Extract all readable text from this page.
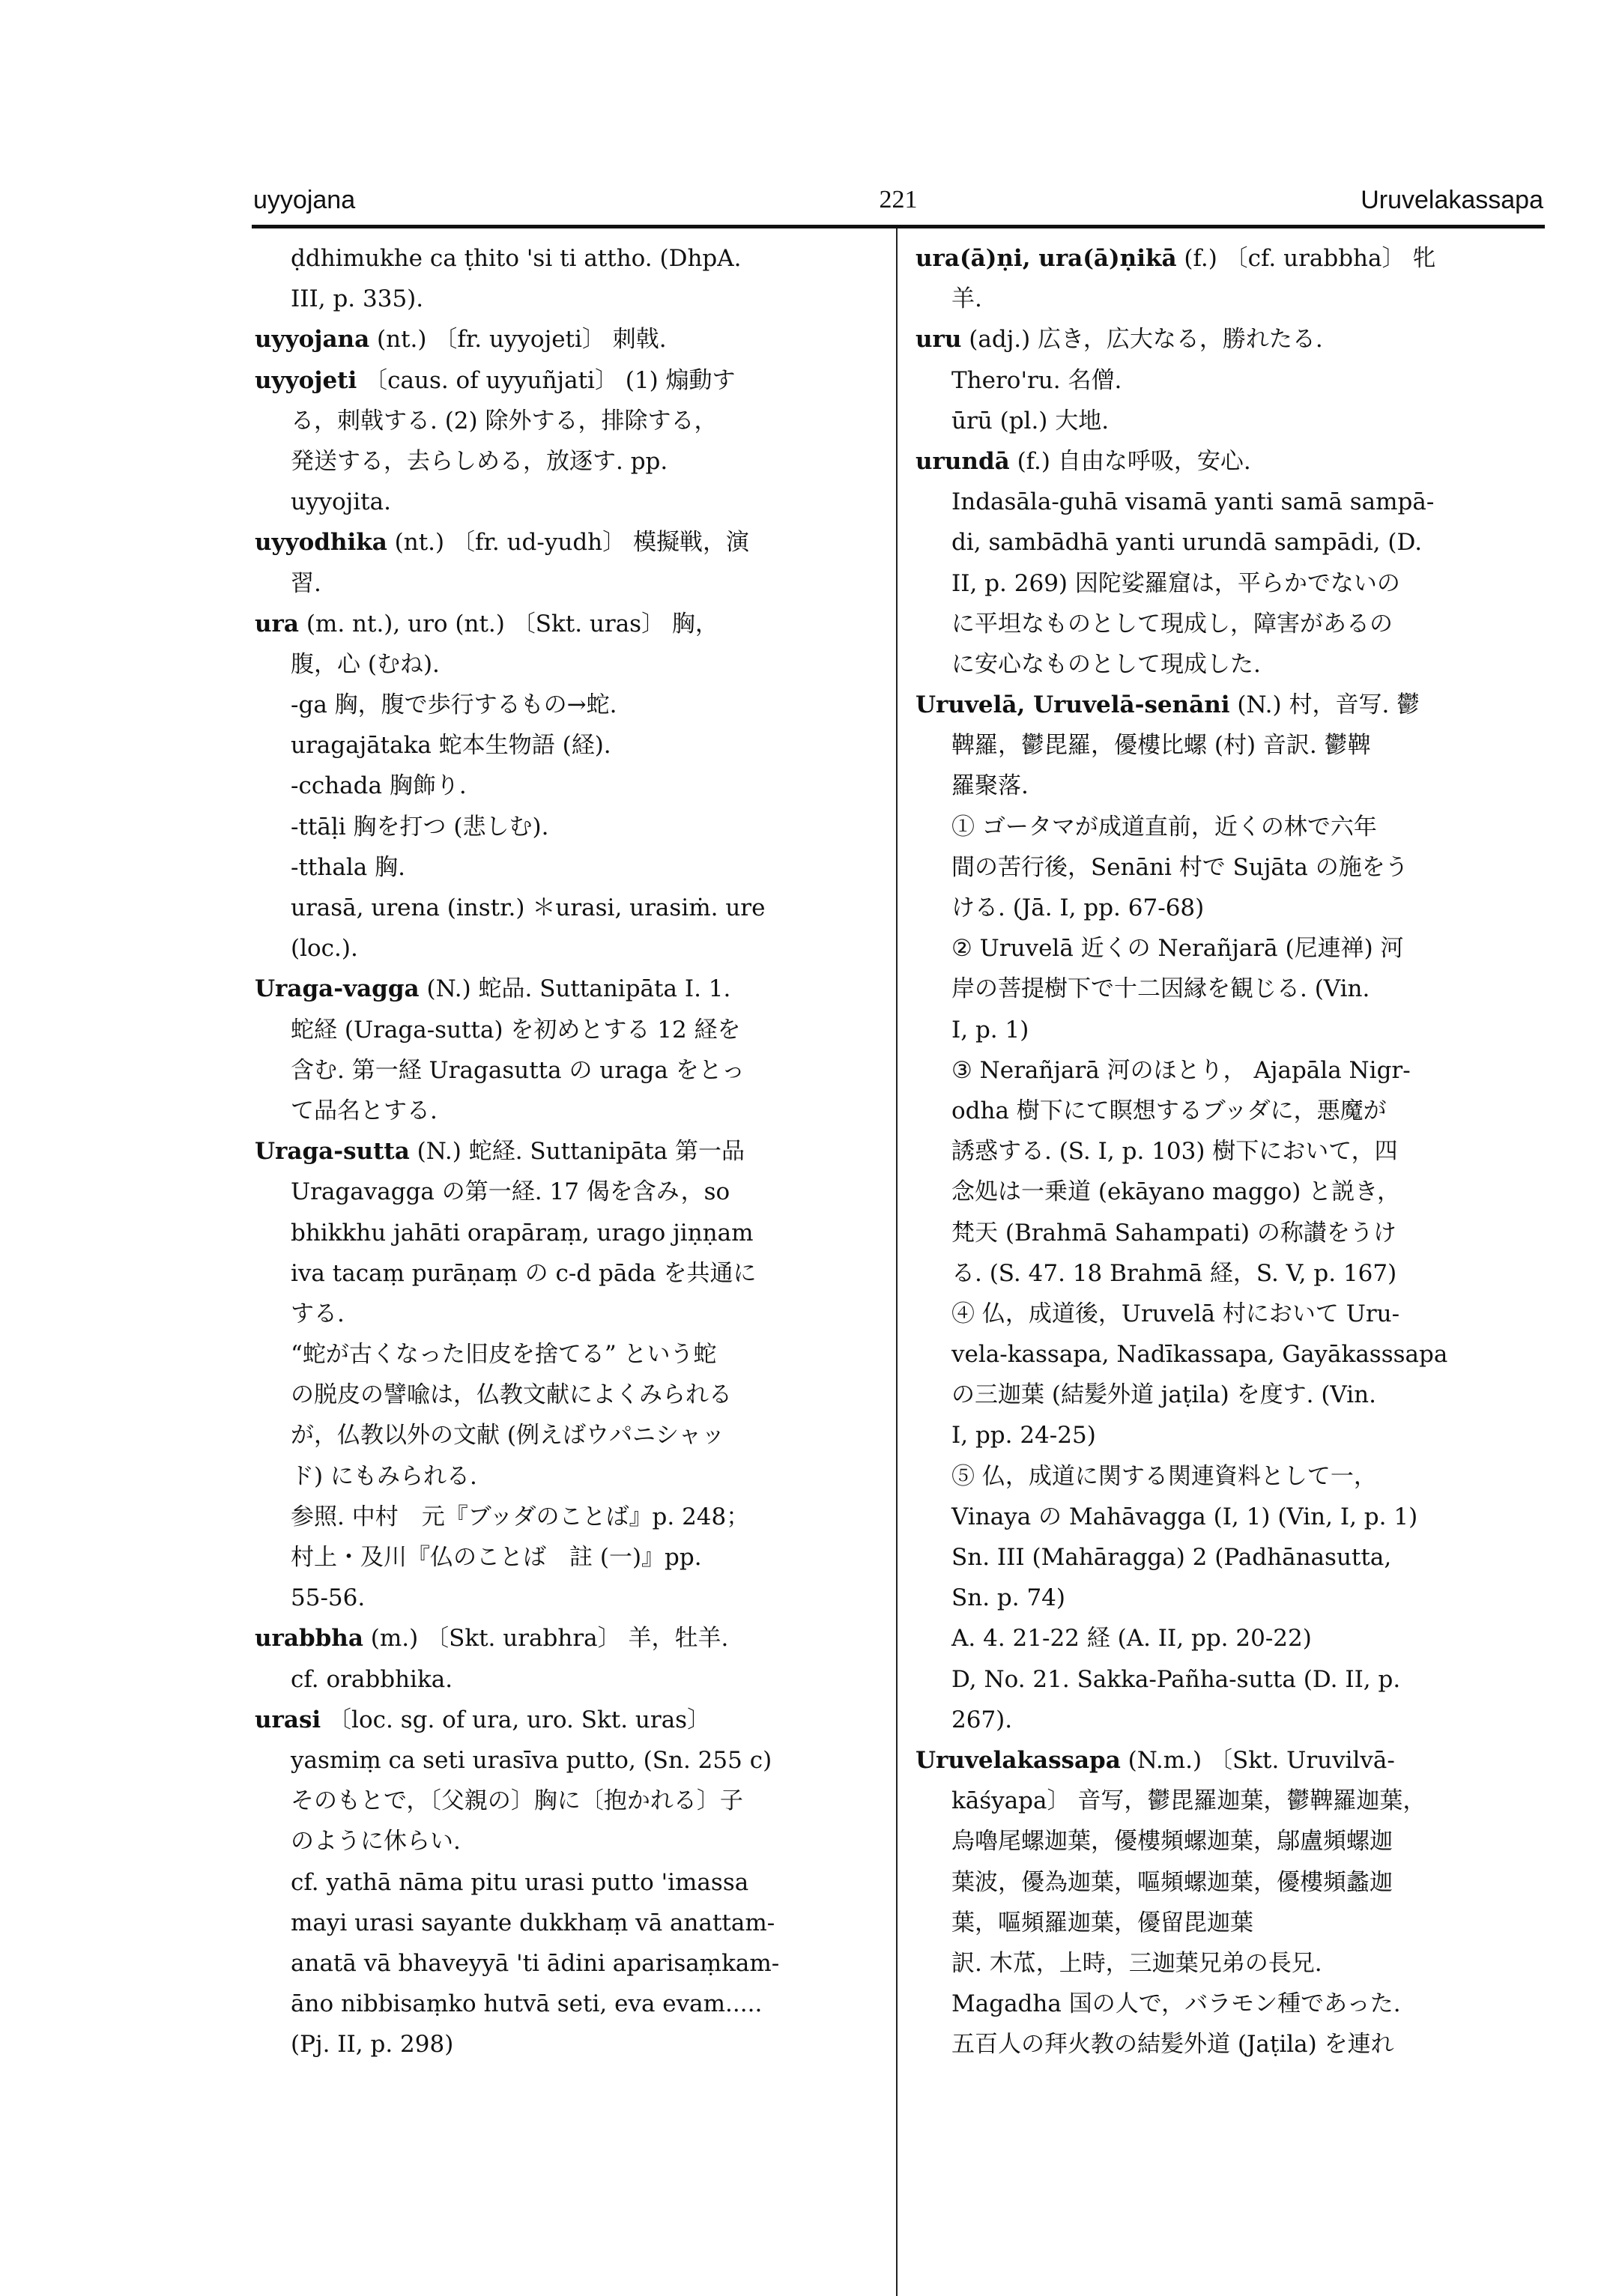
uyyojana	221	Uruvelakassapa
ḍdhimukhe ca ṭhito 'si ti attho. (DhpA.
III, p. 335).
uyyojana (nt.) 〔fr. uyyojeti〕 刺戟.
uyyojeti 〔caus. of uyyuñjati〕 (1) 煽動す
る，刺戟する. (2) 除外する，排除する，
発送する，去らしめる，放逐す. pp.
uyyojita.
uyyodhika (nt.) 〔fr. ud-yudh〕 模擬戦，演
習.
ura (m. nt.), uro (nt.) 〔Skt. uras〕 胸，
腹，心 (むね).
-ga 胸，腹で歩行するもの→蛇.
uragajātaka 蛇本生物語 (経).
-cchada 胸飾り.
-ttāḷi 胸を打つ (悲しむ).
-tthala 胸.
urasā, urena (instr.) ＊urasi, urasiṁ. ure
(loc.).
Uraga-vagga (N.) 蛇品. Suttanipāta I. 1.
蛇経 (Uraga-sutta) を初めとする 12 経を
含む. 第一経 Uragasutta の uraga をとっ
て品名とする.
Uraga-sutta (N.) 蛇経. Suttanipāta 第一品
Uragavagga の第一経. 17 偈を含み，so
bhikkhu jahāti orapāraṃ, urago jiṇṇam
iva tacaṃ purāṇaṃ の c-d pāda を共通に
する.
“蛇が古くなった旧皮を捨てる” という蛇
の脱皮の譬喩は，仏教文献によくみられる
が，仏教以外の文献 (例えばウパニシャッ
ド) にもみられる.
参照. 中村　元『ブッダのことば』p. 248；
村上・及川『仏のことば　註 (一)』pp.
55-56.
urabbha (m.) 〔Skt. urabhra〕 羊，牡羊.
cf. orabbhika.
urasi 〔loc. sg. of ura, uro. Skt. uras〕
yasmiṃ ca seti urasīva putto, (Sn. 255 c)
そのもとで，〔父親の〕胸に〔抱かれる〕子
のように休らい.
cf. yathā nāma pitu urasi putto 'imassa
mayi urasi sayante dukkhaṃ vā anattam-
anatā vā bhaveyyā 'ti ādini aparisaṃkam-
āno nibbisaṃko hutvā seti, eva evam.....
(Pj. II, p. 298)
ura(ā)ṇi, ura(ā)ṇikā (f.) 〔cf. urabbha〕 牝
羊.
uru (adj.) 広き，広大なる，勝れたる.
Thero'ru. 名僧.
ūrū (pl.) 大地.
urundā (f.) 自由な呼吸，安心.
Indasāla-guhā visamā yanti samā sampā-
di, sambādhā yanti urundā sampādi, (D.
II, p. 269) 因陀娑羅窟は，平らかでないの
に平坦なものとして現成し，障害があるの
に安心なものとして現成した.
Uruvelā, Uruvelā-senāni (N.) 村，音写. 鬱
鞞羅，鬱毘羅，優樓比螺 (村) 音訳. 鬱鞞
羅聚落.
① ゴータマが成道直前，近くの林で六年
間の苦行後，Senāni 村で Sujāta の施をう
ける. (Jā. I, pp. 67-68)
② Uruvelā 近くの Nerañjarā (尼連禅) 河
岸の菩提樹下で十二因縁を観じる. (Vin.
I, p. 1)
③ Nerañjarā 河のほとり， Ajapāla Nigr-
odha 樹下にて瞑想するブッダに，悪魔が
誘惑する. (S. I, p. 103) 樹下において，四
念処は一乗道 (ekāyano maggo) と説き，
梵天 (Brahmā Sahampati) の称讃をうけ
る. (S. 47. 18 Brahmā 経，S. V, p. 167)
④ 仏，成道後，Uruvelā 村において Uru-
vela-kassapa, Nadīkassapa, Gayākasssapa
の三迦葉 (結髪外道 jaṭila) を度す. (Vin.
I, pp. 24-25)
⑤ 仏，成道に関する関連資料として一，
Vinaya の Mahāvagga (I, 1) (Vin, I, p. 1)
Sn. III (Mahāragga) 2 (Padhānasutta,
Sn. p. 74)
A. 4. 21-22 経 (A. II, pp. 20-22)
D, No. 21. Sakka-Pañha-sutta (D. II, p.
267).
Uruvelakassapa (N.m.) 〔Skt. Uruvilvā-
kāśyapa〕 音写，鬱毘羅迦葉，鬱鞞羅迦葉，
烏嚕尾螺迦葉，優樓頻螺迦葉，鄔盧頻螺迦
葉波，優為迦葉，嘔頻螺迦葉，優樓頻蠡迦
葉，嘔頻羅迦葉，優留毘迦葉
訳. 木苽，上時，三迦葉兄弟の長兄.
Magadha 国の人で，バラモン種であった.
五百人の拜火教の結髪外道 (Jaṭila) を連れ
